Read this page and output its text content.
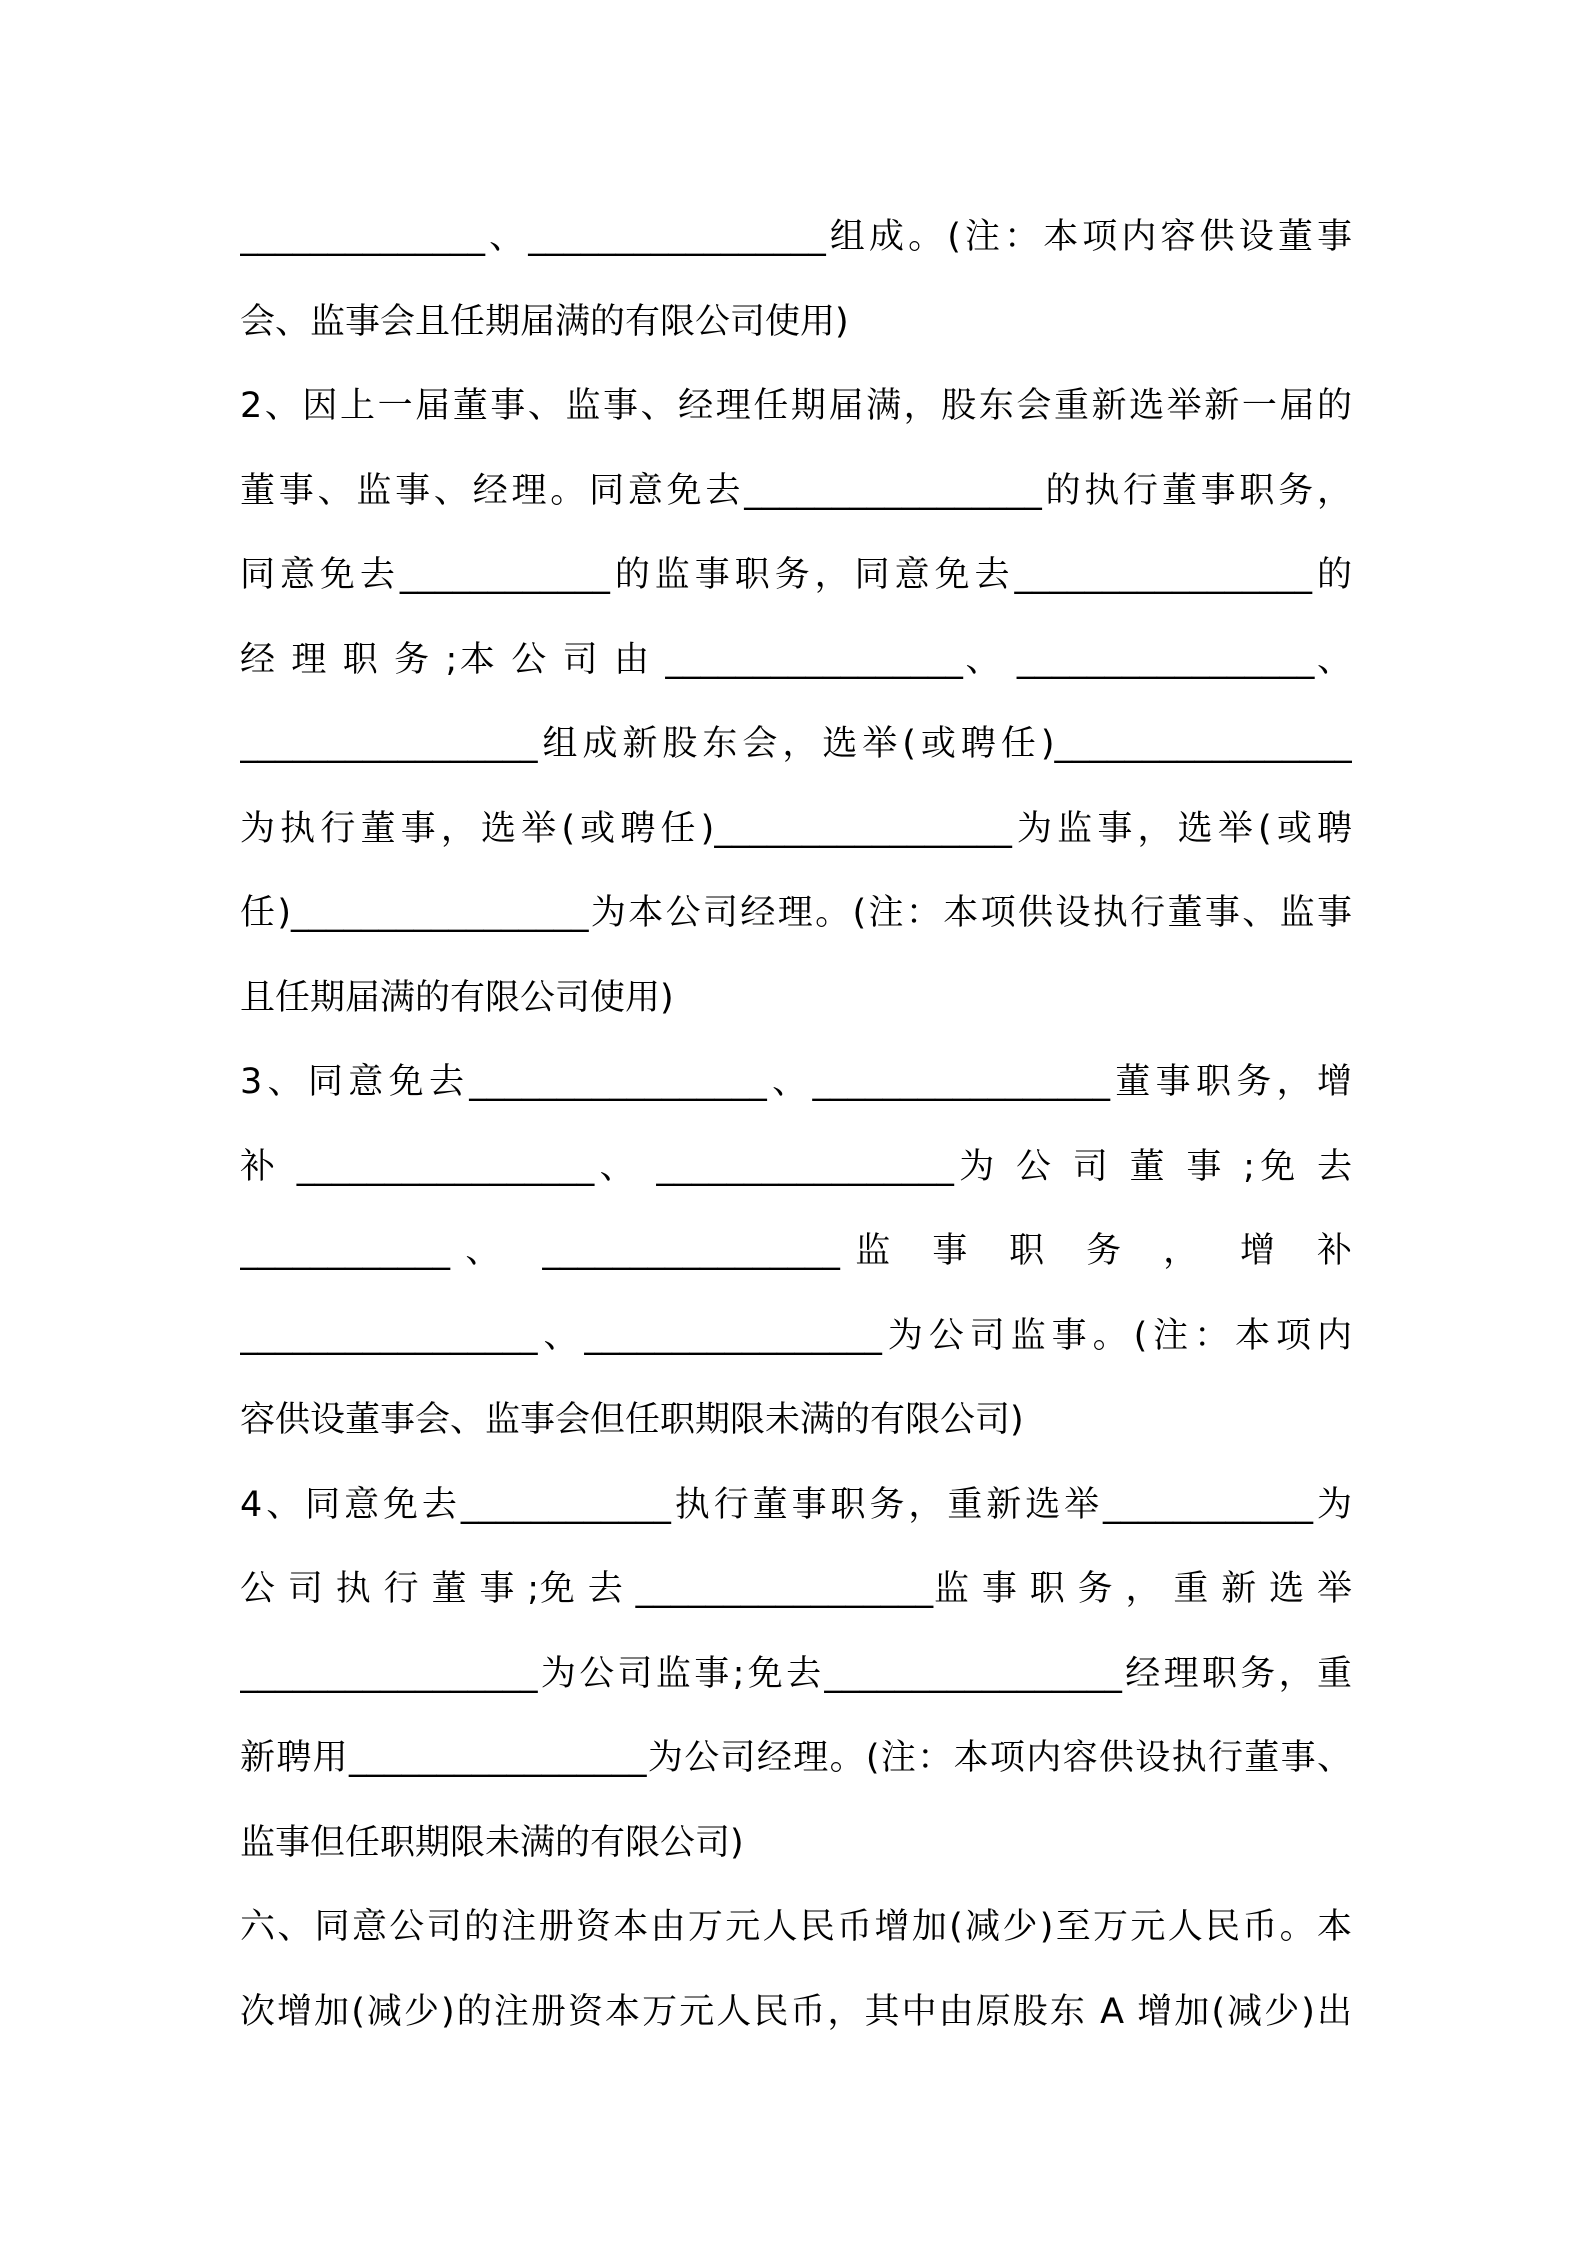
______________、_________________组成。(注：本项内容供设董事
会、监事会且任期届满的有限公司使用)
2、因上一届董事、监事、经理任期届满，股东会重新选举新一届的
董事、监事、经理。同意免去_________________的执行董事职务，
同意免去____________的监事职务，同意免去_________________的
经 理 职 务 ;本 公 司 由 _________________、 _________________、
_________________组成新股东会，选举(或聘任)_________________
为执行董事，选举(或聘任)_________________为监事，选举(或聘
任)_________________为本公司经理。(注：本项供设执行董事、监事
且任期届满的有限公司使用)
3、同意免去_________________、_________________董事职务，增
补 _________________、 _________________为 公 司 董 事 ;免 去
____________、 _________________监 事 职 务 ， 增 补
_________________、_________________为公司监事。(注：本项内
容供设董事会、监事会但任职期限未满的有限公司)
4、同意免去____________执行董事职务，重新选举____________为
公 司 执 行 董 事 ;免 去 _________________监 事 职 务 ， 重 新 选 举
_________________为公司监事;免去_________________经理职务，重
新聘用_________________为公司经理。(注：本项内容供设执行董事、
监事但任职期限未满的有限公司)
六、同意公司的注册资本由万元人民币增加(减少)至万元人民币。本
次增加(减少)的注册资本万元人民币，其中由原股东 A 增加(减少)出
